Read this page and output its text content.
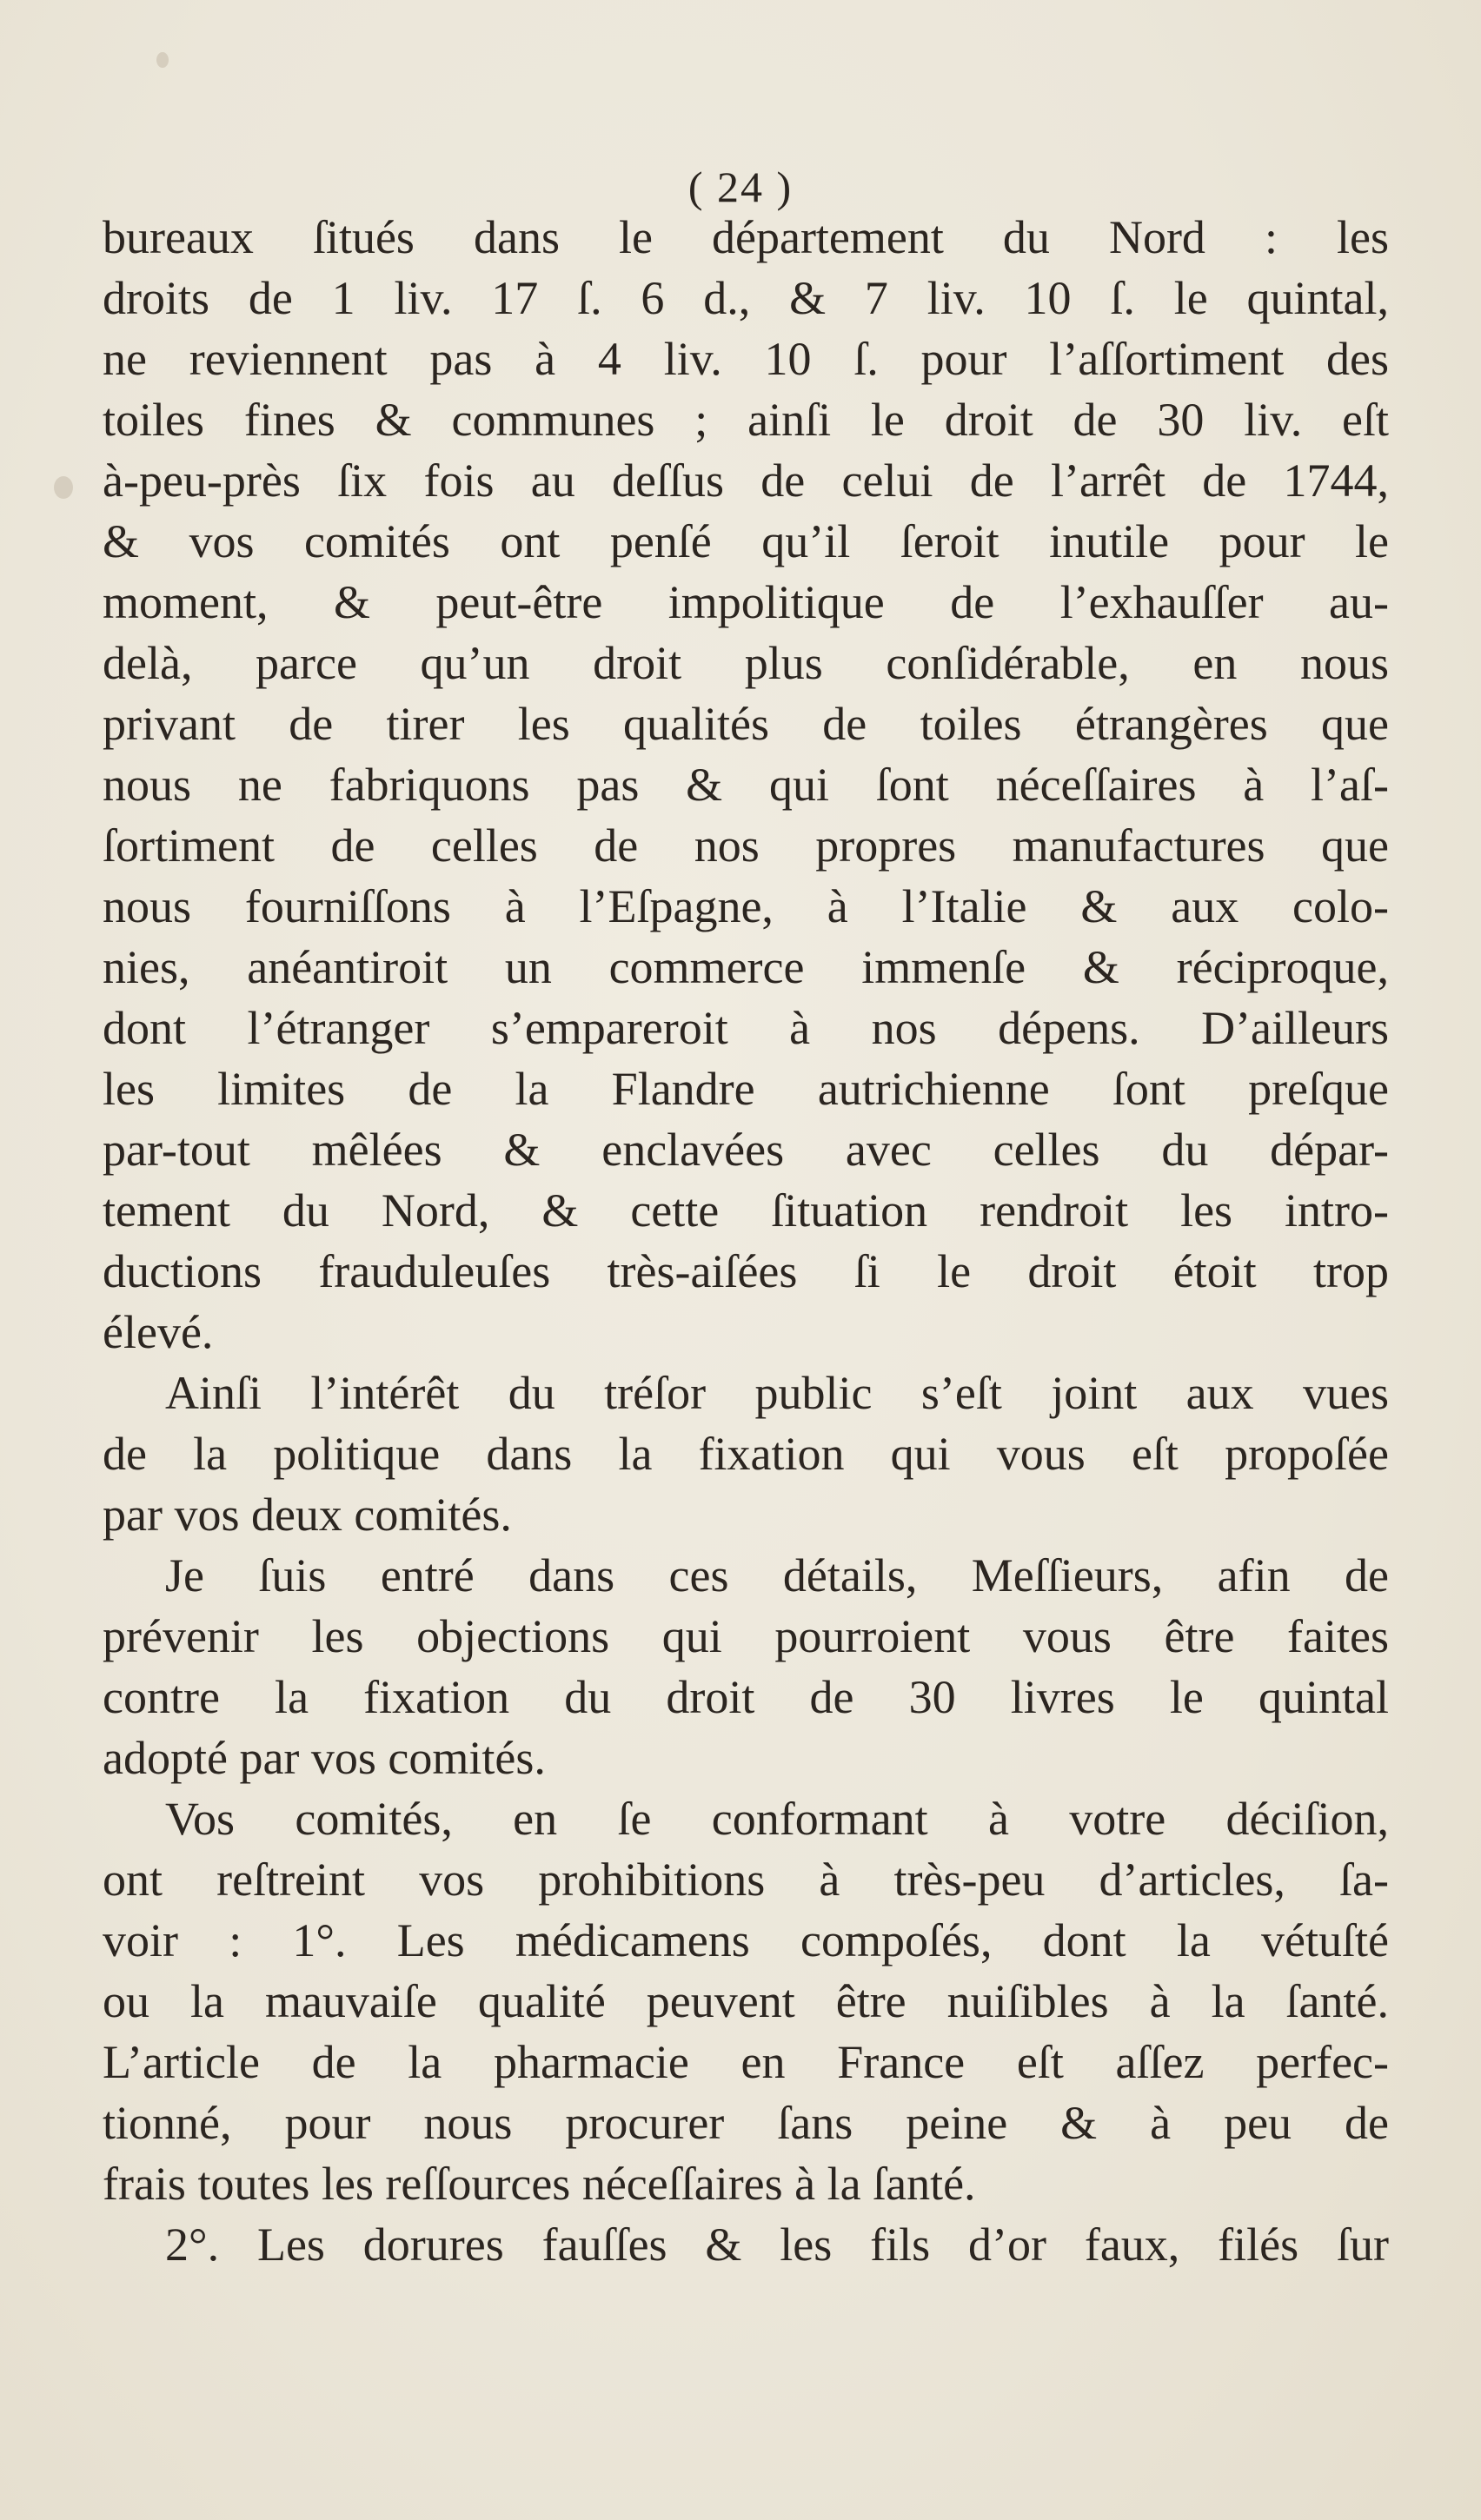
( 24 )
bureaux ſitués dans le département du Nord : les
droits de 1 liv. 17 ſ. 6 d., & 7 liv. 10 ſ. le quintal,
ne reviennent pas à 4 liv. 10 ſ. pour l’aſſortiment des
toiles fines & communes ; ainſi le droit de 30 liv. eſt
à-peu-près ſix fois au deſſus de celui de l’arrêt de 1744,
& vos comités ont penſé qu’il ſeroit inutile pour le
moment, & peut-être impolitique de l’exhauſſer au-
delà, parce qu’un droit plus conſidérable, en nous
privant de tirer les qualités de toiles étrangères que
nous ne fabriquons pas & qui ſont néceſſaires à l’aſ-
ſortiment de celles de nos propres manufactures que
nous fourniſſons à l’Eſpagne, à l’Italie & aux colo-
nies, anéantiroit un commerce immenſe & réciproque,
dont l’étranger s’empareroit à nos dépens. D’ailleurs
les limites de la Flandre autrichienne ſont preſque
par-tout mêlées & enclavées avec celles du dépar-
tement du Nord, & cette ſituation rendroit les intro-
ductions frauduleuſes très-aiſées ſi le droit étoit trop
élevé.
Ainſi l’intérêt du tréſor public s’eſt joint aux vues
de la politique dans la fixation qui vous eſt propoſée
par vos deux comités.
Je ſuis entré dans ces détails, Meſſieurs, afin de
prévenir les objections qui pourroient vous être faites
contre la fixation du droit de 30 livres le quintal
adopté par vos comités.
Vos comités, en ſe conformant à votre déciſion,
ont reſtreint vos prohibitions à très-peu d’articles, ſa-
voir : 1°. Les médicamens compoſés, dont la vétuſté
ou la mauvaiſe qualité peuvent être nuiſibles à la ſanté.
L’article de la pharmacie en France eſt aſſez perfec-
tionné, pour nous procurer ſans peine & à peu de
frais toutes les reſſources néceſſaires à la ſanté.
2°. Les dorures fauſſes & les fils d’or faux, filés ſur
